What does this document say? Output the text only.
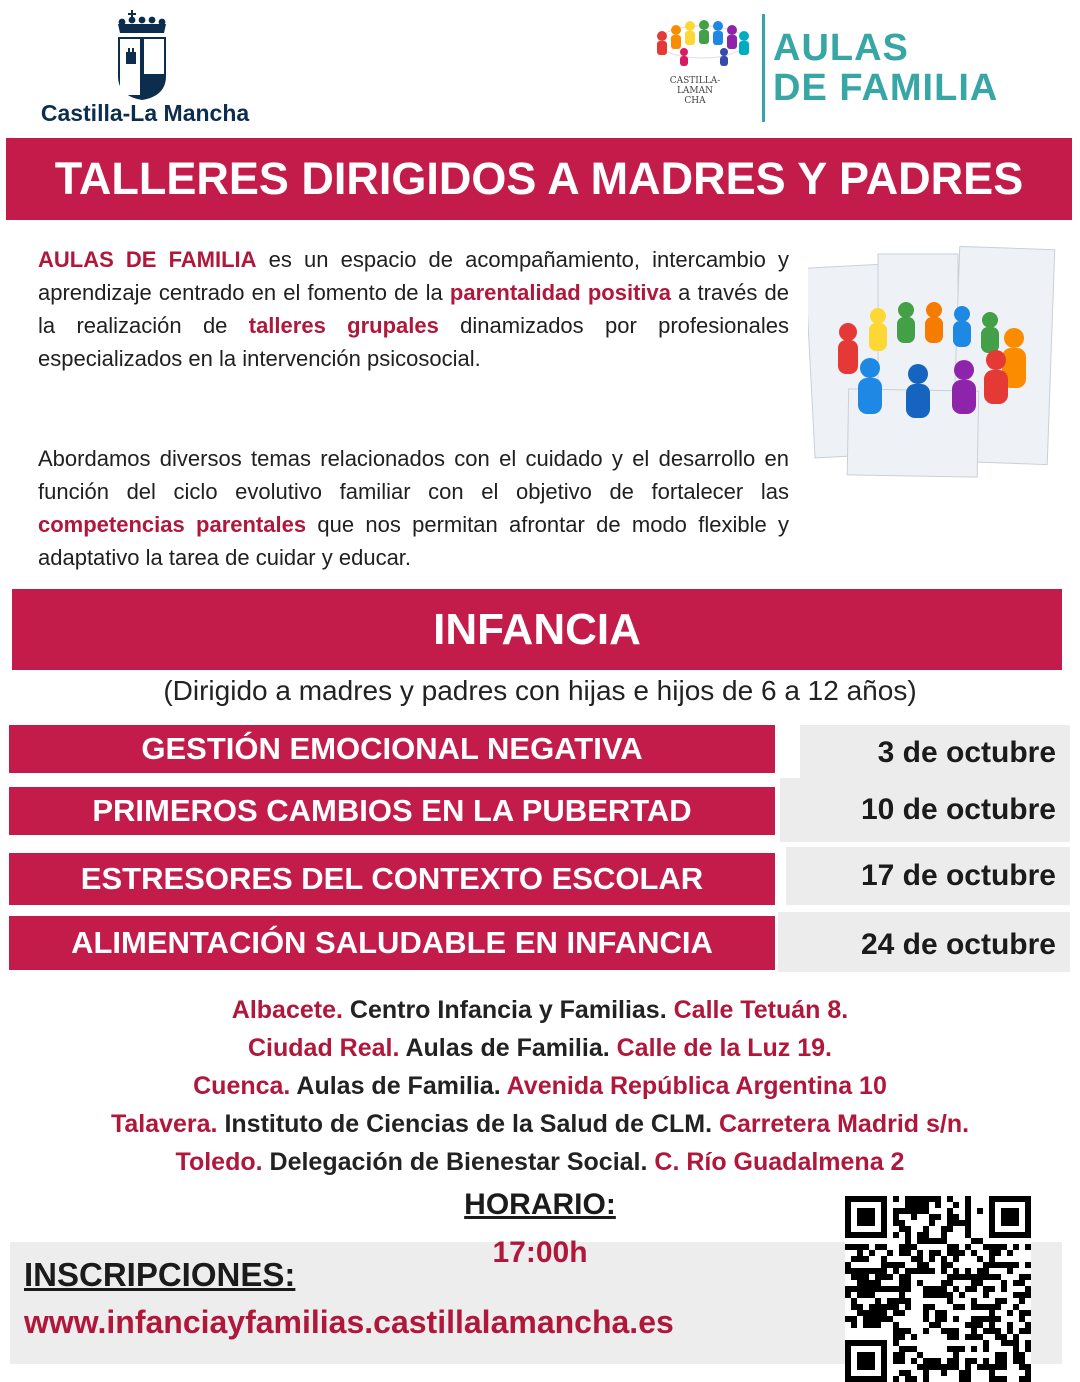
Castilla-La Mancha
CASTILLA-
LAMAN
CHA
AULAS
DE FAMILIA
TALLERES DIRIGIDOS A MADRES Y PADRES
AULAS DE FAMILIA es un espacio de acompañamiento, intercambio y aprendizaje centrado en el fomento de la parentalidad positiva a través de la realización de talleres grupales dinamizados por profesionales especializados en la intervención psicosocial.
Abordamos diversos temas relacionados con el cuidado y el desarrollo en función del ciclo evolutivo familiar con el objetivo de fortalecer las competencias parentales que nos permitan afrontar de modo flexible y adaptativo la tarea de cuidar y educar.
INFANCIA
(Dirigido a madres y padres con hijas e hijos de 6 a 12 años)
GESTIÓN EMOCIONAL NEGATIVA	3 de octubre
PRIMEROS CAMBIOS EN LA PUBERTAD	10 de octubre
ESTRESORES DEL CONTEXTO ESCOLAR	17 de octubre
ALIMENTACIÓN SALUDABLE EN INFANCIA	24 de octubre
Albacete. Centro Infancia y Familias. Calle Tetuán 8.
Ciudad Real. Aulas de Familia. Calle de la Luz 19.
Cuenca. Aulas de Familia. Avenida República Argentina 10
Talavera. Instituto de Ciencias de la Salud de CLM. Carretera Madrid s/n.
Toledo. Delegación de Bienestar Social. C. Río Guadalmena 2
INSCRIPCIONES:
www.infanciayfamilias.castillalamancha.es
HORARIO:
17:00h
